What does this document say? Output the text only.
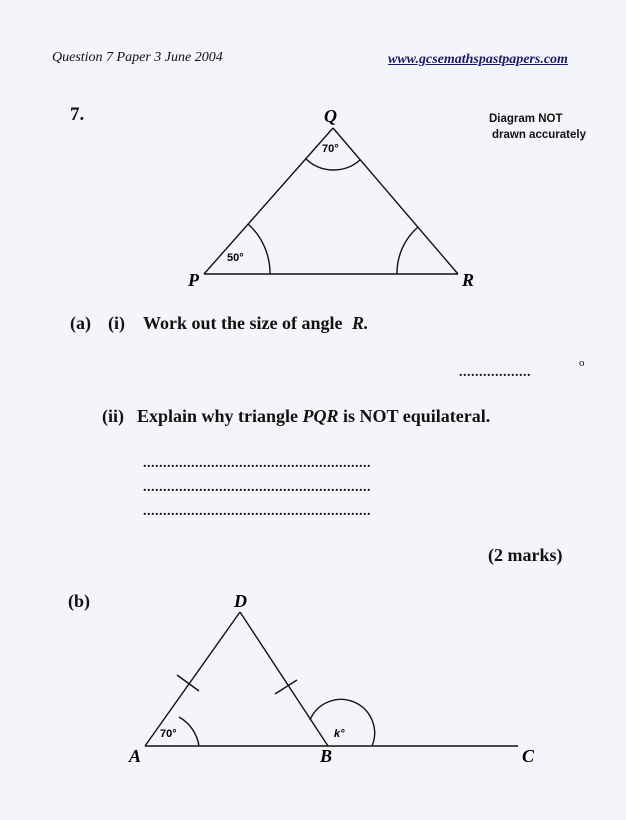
Question 7 Paper 3 June 2004	www.gcsemathspastpapers.com
7.	Diagram NOT
drawn accurately
Q
P	R
70°
50°
D
A	B	C
70°	k°
(a) (i) Work out the size of angle R.
..................
o
(ii) Explain why triangle PQR is NOT equilateral.
.........................................................
.........................................................
.........................................................
(2 marks)
(b)
